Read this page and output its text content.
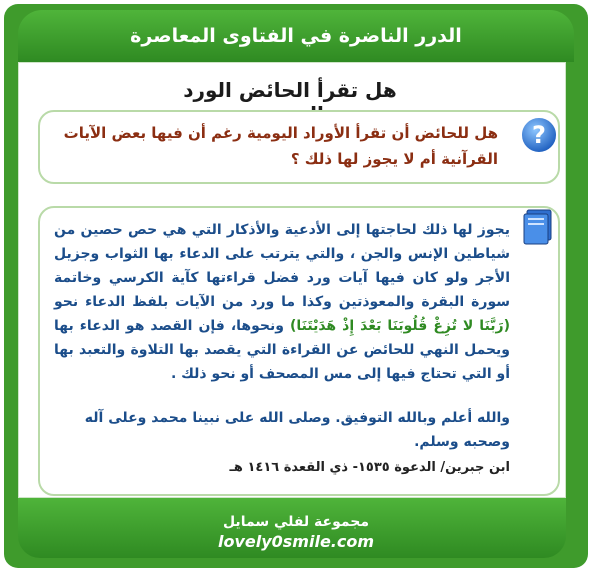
الدرر الناضرة في الفتاوى المعاصرة
هل تقرأ الحائض الورد
هل للحائض أن تقرأ الأوراد اليومية رغم أن فيها بعض الآيات القرآنية أم لا يجوز لها ذلك ؟
?
يجوز لها ذلك لحاجتها إلى الأدعية والأذكار التي هي حص حصين من شياطين الإنس والجن ، والتي يترتب على الدعاء بها الثواب وجزيل الأجر ولو كان فيها آيات ورد فضل قراءتها كآية الكرسي وخاتمة سورة البقرة والمعوذتين وكذا ما ورد من الآيات بلفظ الدعاء نحو (رَبَّنَا لا تُزِغْ قُلُوبَنَا بَعْدَ إِذْ هَدَيْتَنَا) ونحوها، فإن القصد هو الدعاء بها ويحمل النهي للحائض عن القراءة التي يقصد بها التلاوة والتعبد بها أو التي تحتاج فيها إلى مس المصحف أو نحو ذلك .
والله أعلم وبالله التوفيق. وصلى الله على نبينا محمد وعلى آله وصحبه وسلم.
ابن جبرين/ الدعوة ١٥٣٥- ذي القعدة ١٤١٦ هـ
مجموعة لفلي سمايل
lovely0smile.com
